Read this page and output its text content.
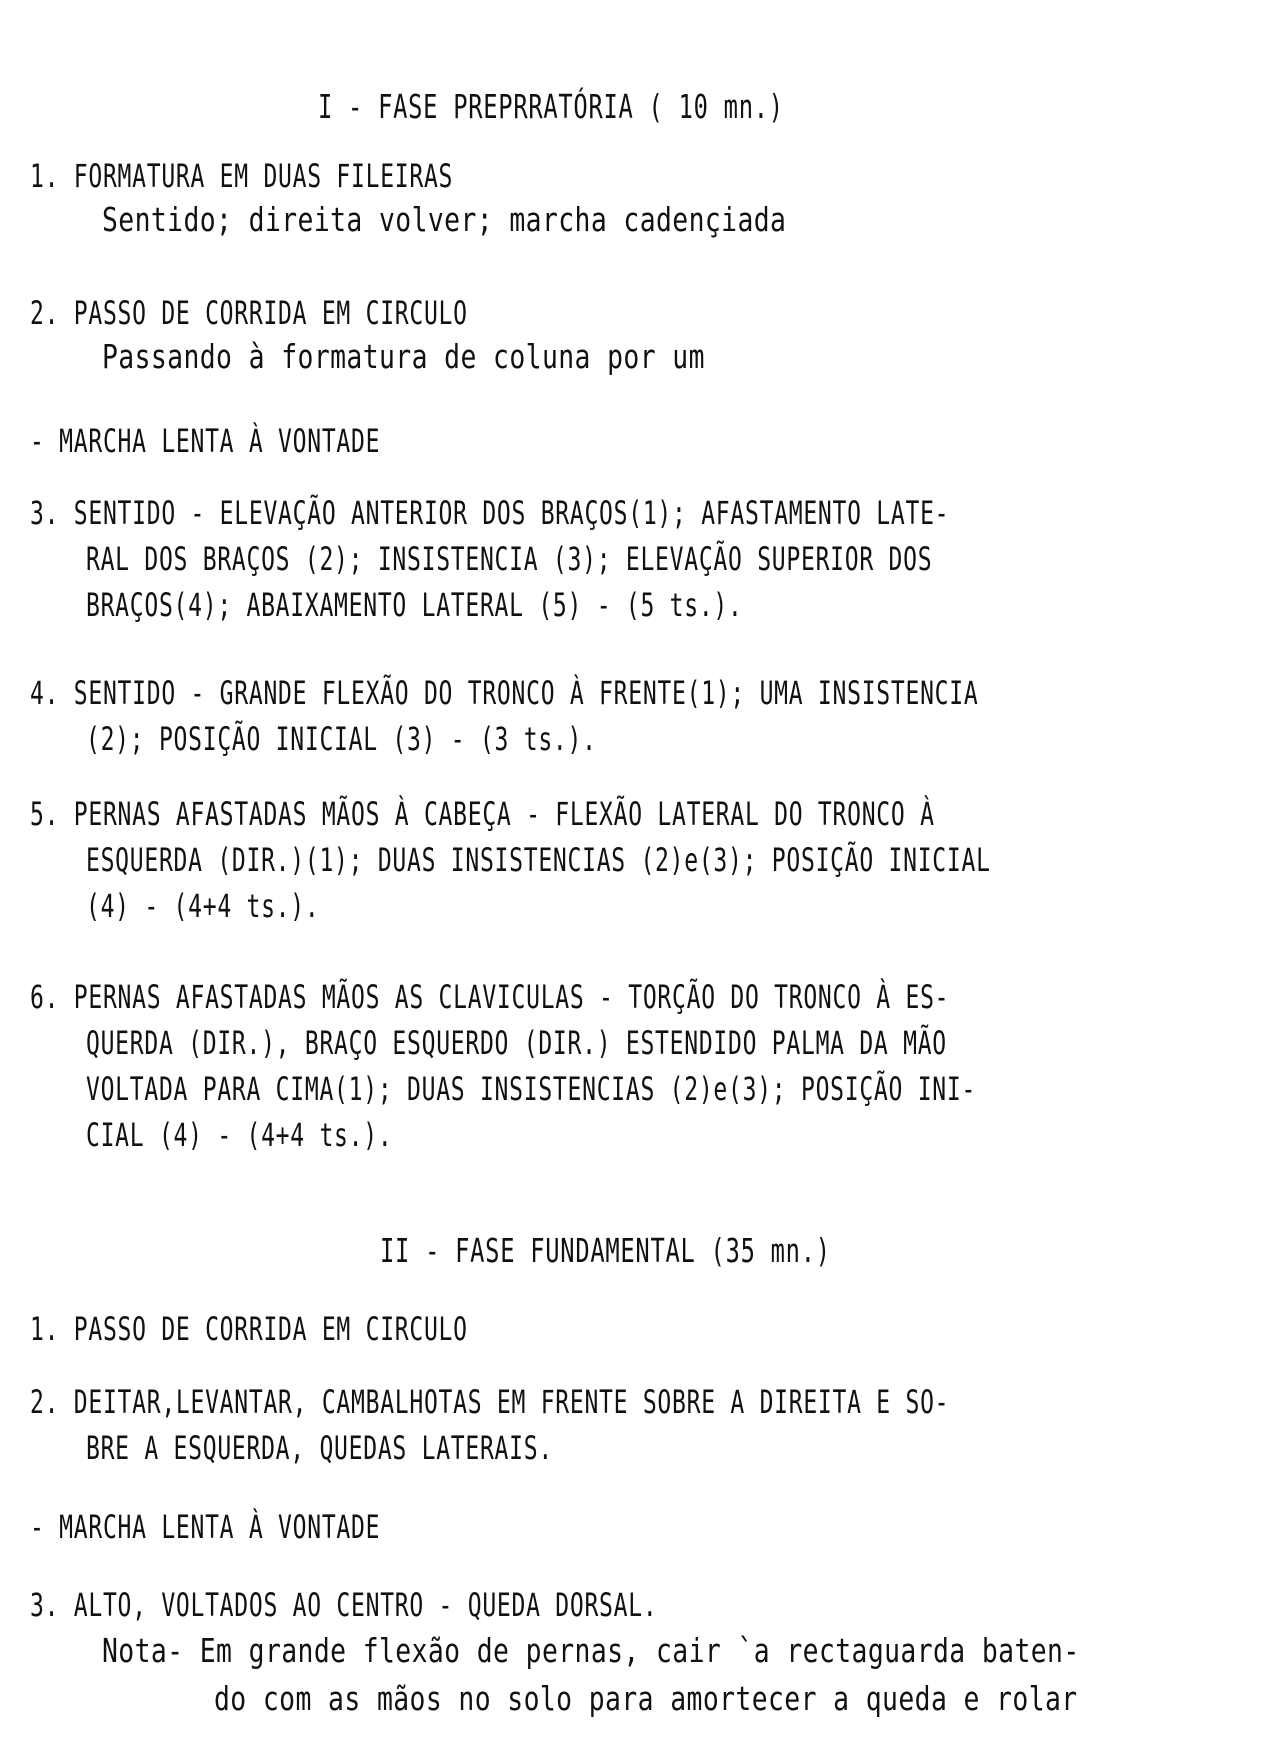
I - FASE PREPRRATÓRIA ( 10 mn.)
1. FORMATURA EM DUAS FILEIRAS
Sentido; direita volver; marcha cadençiada
2. PASSO DE CORRIDA EM CIRCULO
Passando à formatura de coluna por um
- MARCHA LENTA À VONTADE
3. SENTIDO - ELEVAÇÃO ANTERIOR DOS BRAÇOS(1); AFASTAMENTO LATE-
RAL DOS BRAÇOS (2); INSISTENCIA (3); ELEVAÇÃO SUPERIOR DOS
BRAÇOS(4); ABAIXAMENTO LATERAL (5) - (5 ts.).
4. SENTIDO - GRANDE FLEXÃO DO TRONCO À FRENTE(1); UMA INSISTENCIA
(2); POSIÇÃO INICIAL (3) - (3 ts.).
5. PERNAS AFASTADAS MÃOS À CABEÇA - FLEXÃO LATERAL DO TRONCO À
ESQUERDA (DIR.)(1); DUAS INSISTENCIAS (2)e(3); POSIÇÃO INICIAL
(4) - (4+4 ts.).
6. PERNAS AFASTADAS MÃOS AS CLAVICULAS - TORÇÃO DO TRONCO À ES-
QUERDA (DIR.), BRAÇO ESQUERDO (DIR.) ESTENDIDO PALMA DA MÃO
VOLTADA PARA CIMA(1); DUAS INSISTENCIAS (2)e(3); POSIÇÃO INI-
CIAL (4) - (4+4 ts.).
II - FASE FUNDAMENTAL (35 mn.)
1. PASSO DE CORRIDA EM CIRCULO
2. DEITAR,LEVANTAR, CAMBALHOTAS EM FRENTE SOBRE A DIREITA E SO-
BRE A ESQUERDA, QUEDAS LATERAIS.
- MARCHA LENTA À VONTADE
3. ALTO, VOLTADOS AO CENTRO - QUEDA DORSAL.
Nota- Em grande flexão de pernas, cair `a rectaguarda baten-
do com as mãos no solo para amortecer a queda e rolar
